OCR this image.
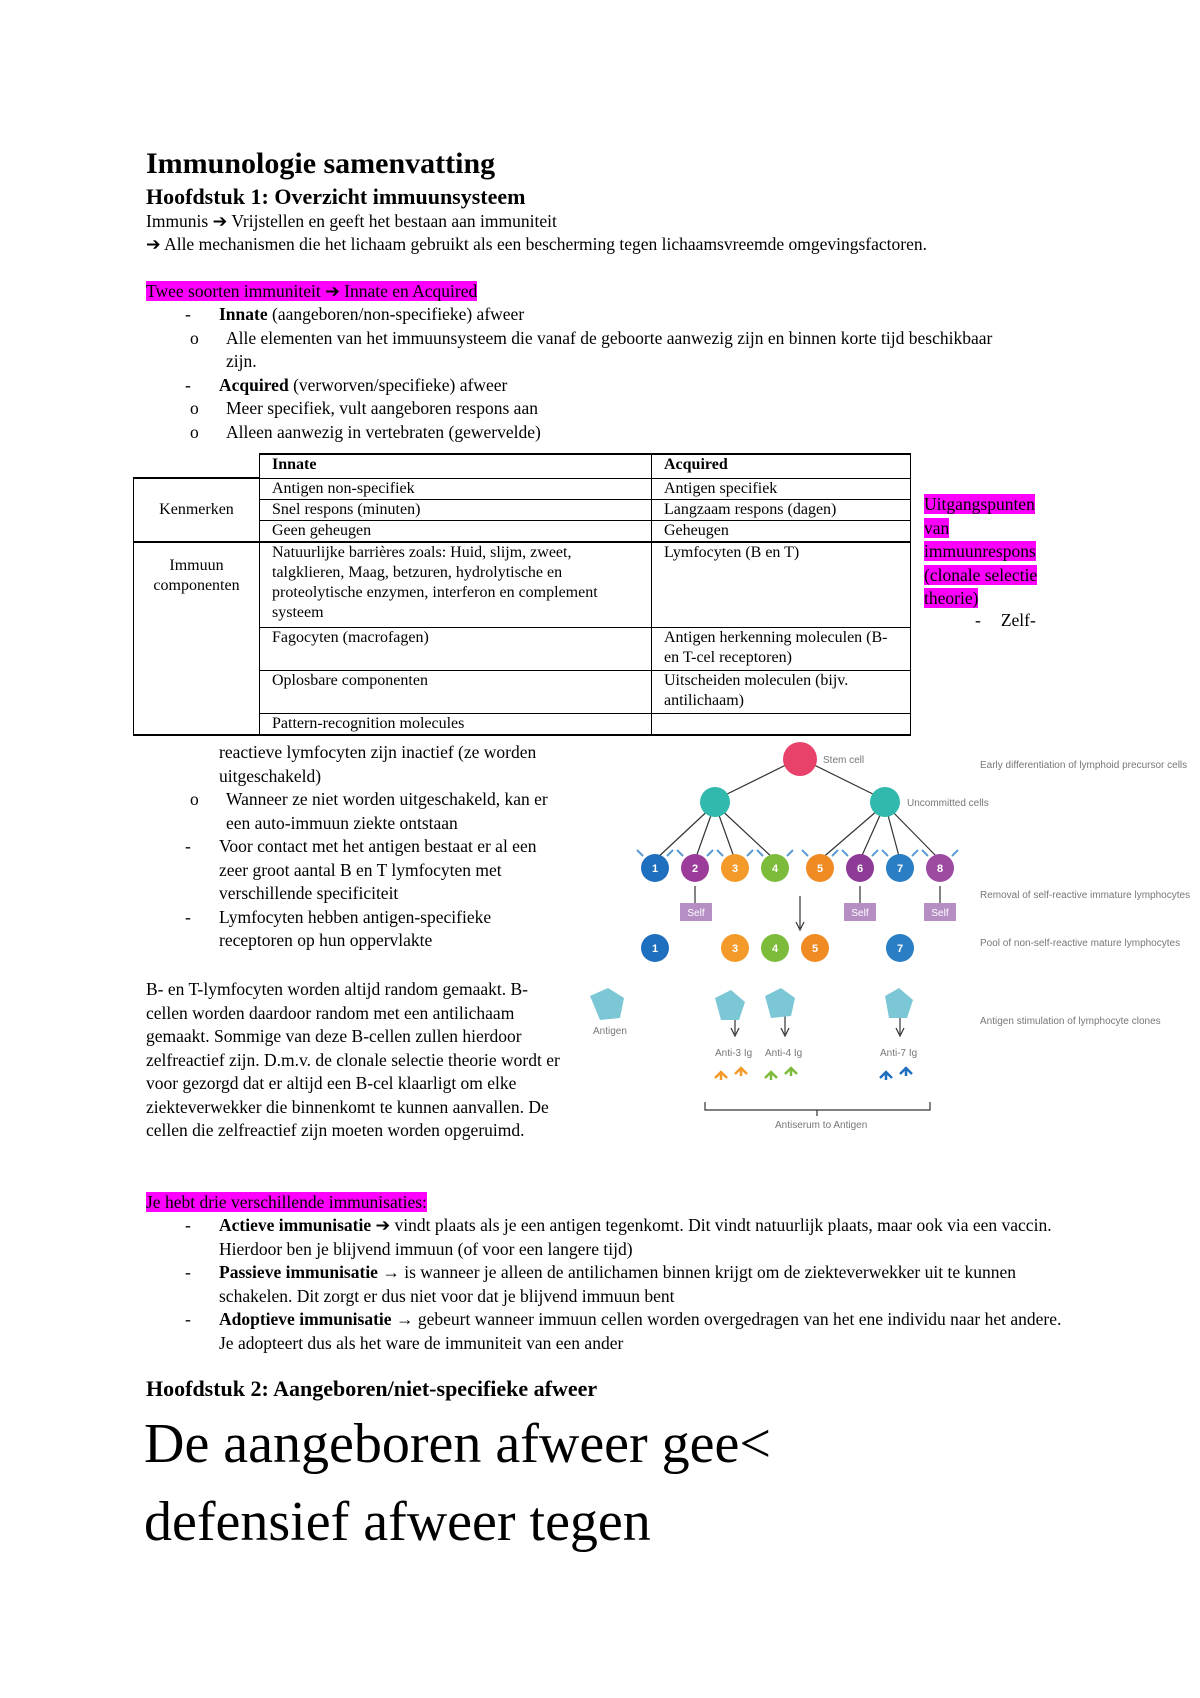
Immunologie samenvatting
Hoofdstuk 1: Overzicht immuunsysteem
Immunis ➔ Vrijstellen en geeft het bestaan aan immuniteit
➔ Alle mechanismen die het lichaam gebruikt als een bescherming tegen lichaamsvreemde omgevingsfactoren.
Twee soorten immuniteit ➔ Innate en Acquired
- Innate (aangeboren/non-specifieke) afweer
o Alle elementen van het immuunsysteem die vanaf de geboorte aanwezig zijn en binnen korte tijd beschikbaar zijn.
- Acquired (verworven/specifieke) afweer
o Meer specifiek, vult aangeboren respons aan
o Alleen aanwezig in vertebraten (gewervelde)
	Innate	Acquired
Kenmerken	Antigen non-specifiek	Antigen specifiek
	Snel respons (minuten)	Langzaam respons (dagen)
	Geen geheugen	Geheugen

Immuun componenten	Natuurlijke barrières zoals: Huid, slijm, zweet, talgklieren, Maag, betzuren, hydrolytische en proteolytische enzymen, interferon en complement systeem	Lymfocyten (B en T)
	Fagocyten (macrofagen)	Antigen herkenning moleculen (B- en T-cel receptoren)
	Oplosbare componenten	Uitscheiden moleculen (bijv. antilichaam)
	Pattern-recognition molecules	
Uitgangspunten van immuunrespons (clonale selectie theorie)
- Zelf-
reactieve lymfocyten zijn inactief (ze worden uitgeschakeld)
o Wanneer ze niet worden uitgeschakeld, kan er een auto-immuun ziekte ontstaan
- Voor contact met het antigen bestaat er al een zeer groot aantal B en T lymfocyten met verschillende specificiteit
- Lymfocyten hebben antigen-specifieke receptoren op hun oppervlakte
B- en T-lymfocyten worden altijd random gemaakt. B-cellen worden daardoor random met een antilichaam gemaakt. Sommige van deze B-cellen zullen hierdoor zelfreactief zijn. D.m.v. de clonale selectie theorie wordt er voor gezorgd dat er altijd een B-cel klaarligt om elke ziekteverwekker die binnenkomt te kunnen aanvallen. De cellen die zelfreactief zijn moeten worden opgeruimd.
1	2	3	4	5	6	7	8
Self	Self	Self
1	3	4	5	7
Stem cell
Uncommitted cells
Early differentiation of lymphoid precursor cells
Removal of self-reactive immature lymphocytes
Pool of non-self-reactive mature lymphocytes
Antigen stimulation of lymphocyte clones
Antigen
Anti-3 Ig Anti-4 Ig	Anti-7 Ig
Antiserum to Antigen
Je hebt drie verschillende immunisaties:
- Actieve immunisatie ➔ vindt plaats als je een antigen tegenkomt. Dit vindt natuurlijk plaats, maar ook via een vaccin. Hierdoor ben je blijvend immuun (of voor een langere tijd)
- Passieve immunisatie → is wanneer je alleen de antilichamen binnen krijgt om de ziekteverwekker uit te kunnen schakelen. Dit zorgt er dus niet voor dat je blijvend immuun bent
- Adoptieve immunisatie → gebeurt wanneer immuun cellen worden overgedragen van het ene individu naar het andere. Je adopteert dus als het ware de immuniteit van een ander
Hoofdstuk 2: Aangeboren/niet-specifieke afweer
De aangeboren afweer gee<
defensief afweer tegen
